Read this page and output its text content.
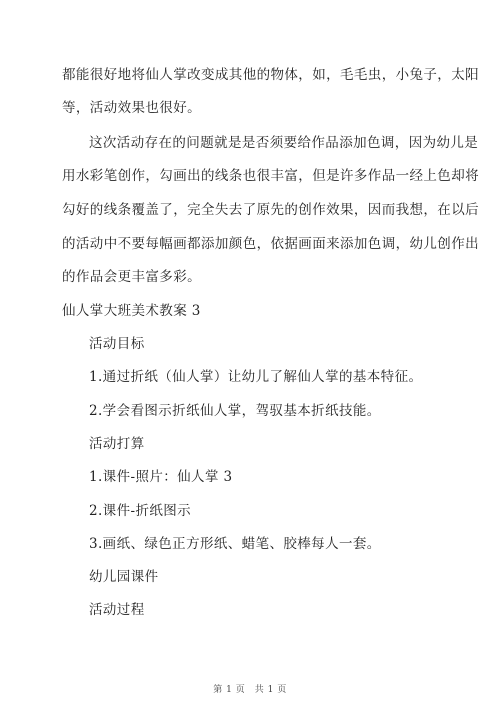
都能很好地将仙人掌改变成其他的物体，如，毛毛虫，小兔子，太阳
等，活动效果也很好。
这次活动存在的问题就是是否须要给作品添加色调，因为幼儿是
用水彩笔创作，勾画出的线条也很丰富，但是许多作品一经上色却将
勾好的线条覆盖了，完全失去了原先的创作效果，因而我想，在以后
的活动中不要每幅画都添加颜色，依据画面来添加色调，幼儿创作出
的作品会更丰富多彩。
仙人掌大班美术教案 3
活动目标
1.通过折纸（仙人掌）让幼儿了解仙人掌的基本特征。
2.学会看图示折纸仙人掌，驾驭基本折纸技能。
活动打算
1.课件-照片：仙人掌 3
2.课件-折纸图示
3.画纸、绿色正方形纸、蜡笔、胶棒每人一套。
幼儿园课件
活动过程
第 1 页　共 1 页
